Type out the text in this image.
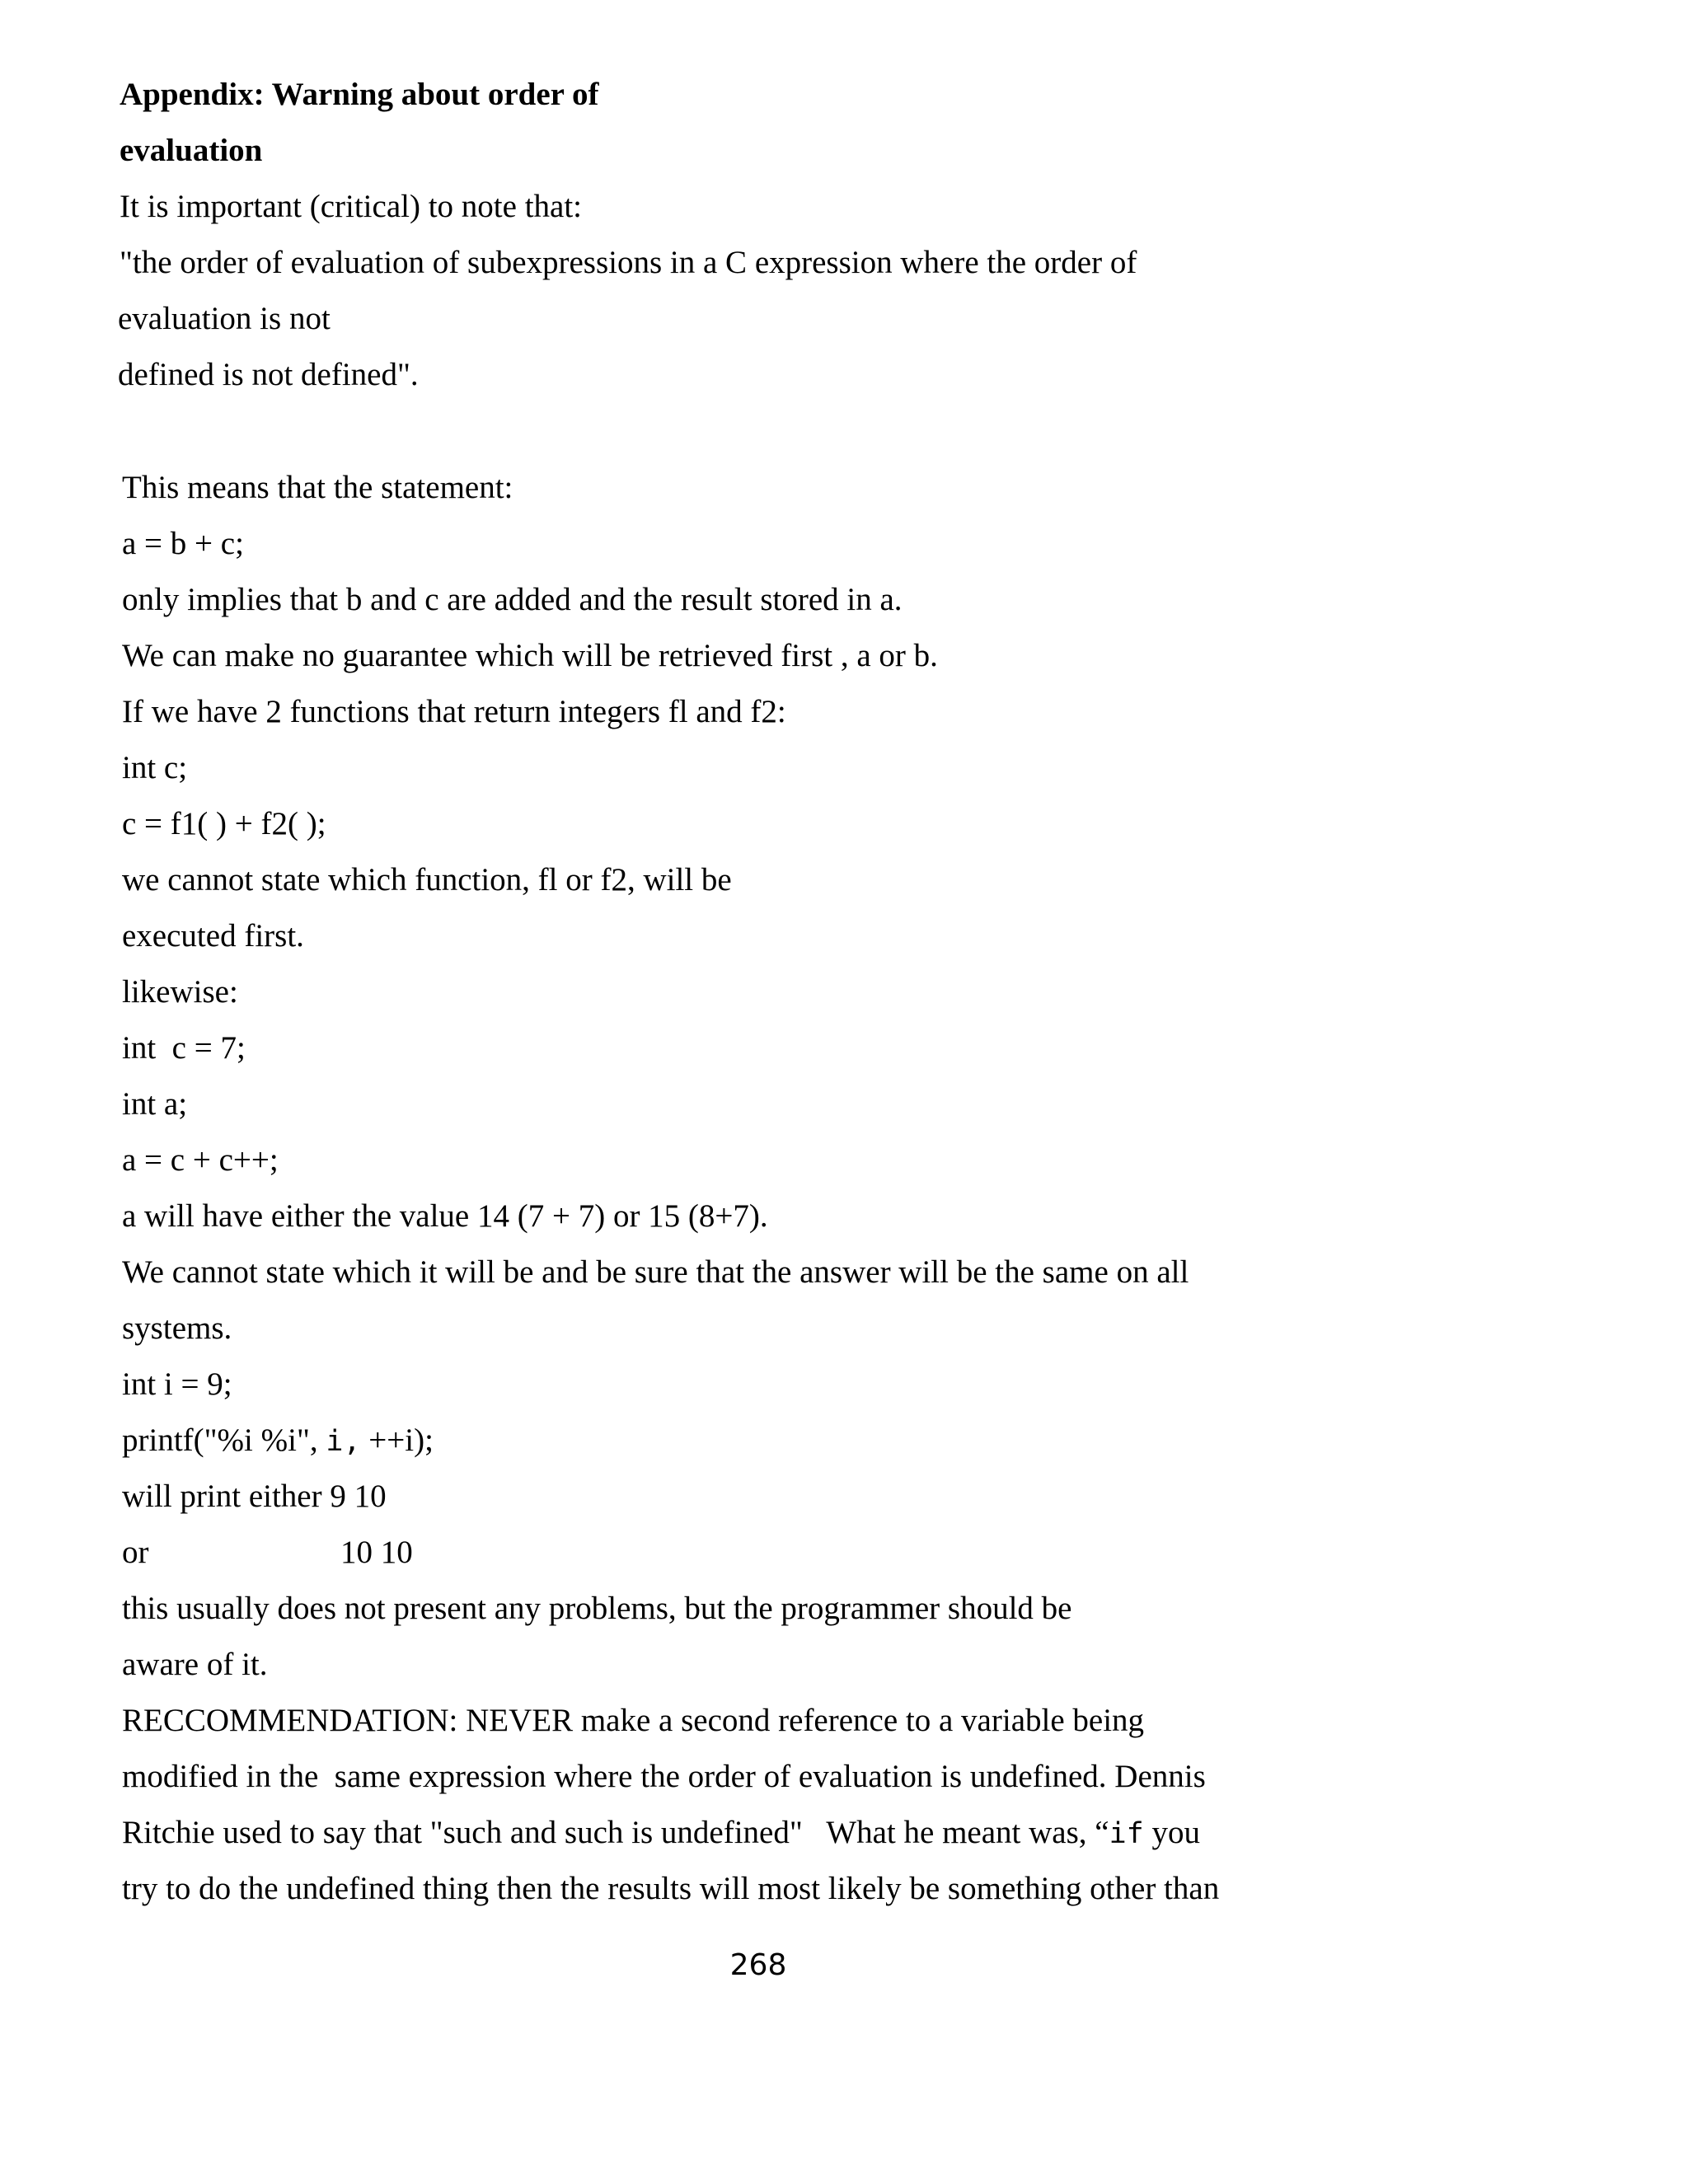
Appendix: Warning about order of

evaluation

It is important (critical) to note that:

"the order of evaluation of subexpressions in a C expression where the order of

evaluation is not

defined is not defined".

This means that the statement:

a = b + c;

only implies that b and c are added and the result stored in a.

We can make no guarantee which will be retrieved first , a or b.

If we have 2 functions that return integers fl and f2:

int c;

c = f1( ) + f2( );

we cannot state which function, fl or f2, will be

executed first.

likewise:

int  c = 7;

int a;

a = c + c++;

a will have either the value 14 (7 + 7) or 15 (8+7).

We cannot state which it will be and be sure that the answer will be the same on all

systems.

int i = 9;

printf("%i %i", i, ++i);

will print either 9 10

or	10 10

this usually does not present any problems, but the programmer should be

aware of it.

RECCOMMENDATION: NEVER make a second reference to a variable being

modified in the  same expression where the order of evaluation is undefined. Dennis

Ritchie used to say that "such and such is undefined"   What he meant was, “if you

try to do the undefined thing then the results will most likely be something other than

268
